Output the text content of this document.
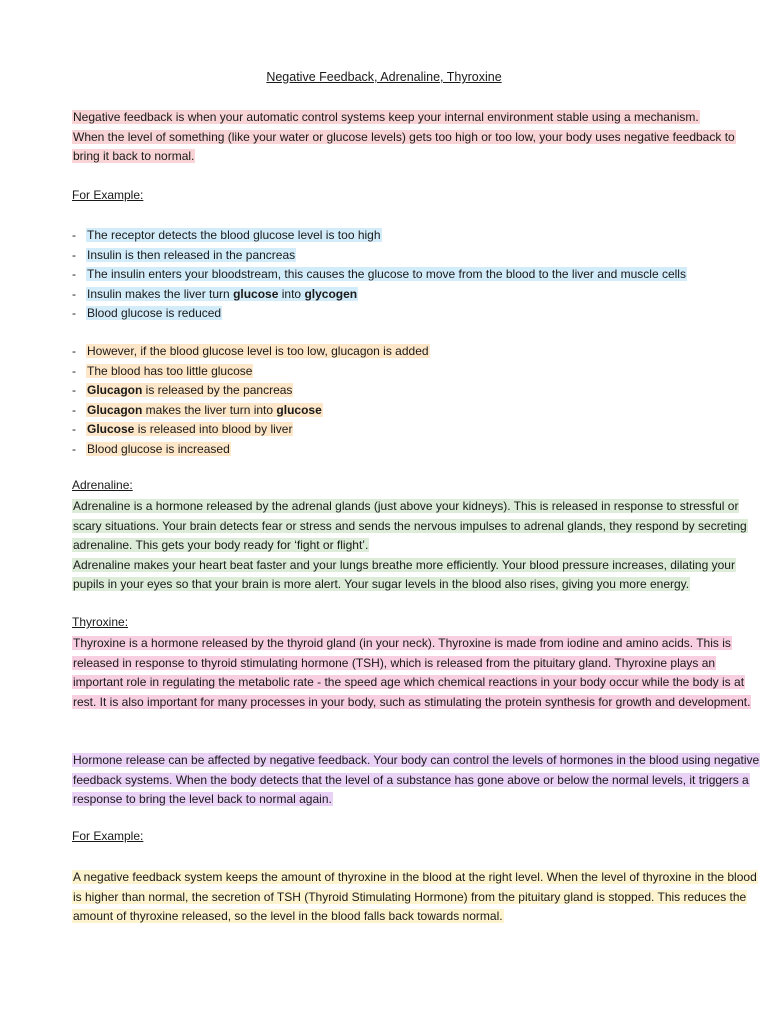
Negative Feedback, Adrenaline, Thyroxine
Negative feedback is when your automatic control systems keep your internal environment stable using a mechanism.
When the level of something (like your water or glucose levels) gets too high or too low, your body uses negative feedback to
bring it back to normal.
For Example:
- The receptor detects the blood glucose level is too high
- Insulin is then released in the pancreas
- The insulin enters your bloodstream, this causes the glucose to move from the blood to the liver and muscle cells
- Insulin makes the liver turn glucose into glycogen
- Blood glucose is reduced
- However, if the blood glucose level is too low, glucagon is added
- The blood has too little glucose
- Glucagon is released by the pancreas
- Glucagon makes the liver turn into glucose
- Glucose is released into blood by liver
- Blood glucose is increased
Adrenaline:
Adrenaline is a hormone released by the adrenal glands (just above your kidneys). This is released in response to stressful or
scary situations. Your brain detects fear or stress and sends the nervous impulses to adrenal glands, they respond by secreting
adrenaline. This gets your body ready for ‘fight or flight’.
Adrenaline makes your heart beat faster and your lungs breathe more efficiently. Your blood pressure increases, dilating your
pupils in your eyes so that your brain is more alert. Your sugar levels in the blood also rises, giving you more energy.
Thyroxine:
Thyroxine is a hormone released by the thyroid gland (in your neck). Thyroxine is made from iodine and amino acids. This is
released in response to thyroid stimulating hormone (TSH), which is released from the pituitary gland. Thyroxine plays an
important role in regulating the metabolic rate - the speed age which chemical reactions in your body occur while the body is at
rest. It is also important for many processes in your body, such as stimulating the protein synthesis for growth and development.
Hormone release can be affected by negative feedback. Your body can control the levels of hormones in the blood using negative
feedback systems. When the body detects that the level of a substance has gone above or below the normal levels, it triggers a
response to bring the level back to normal again.
For Example:
A negative feedback system keeps the amount of thyroxine in the blood at the right level. When the level of thyroxine in the blood
is higher than normal, the secretion of TSH (Thyroid Stimulating Hormone) from the pituitary gland is stopped. This reduces the
amount of thyroxine released, so the level in the blood falls back towards normal.
